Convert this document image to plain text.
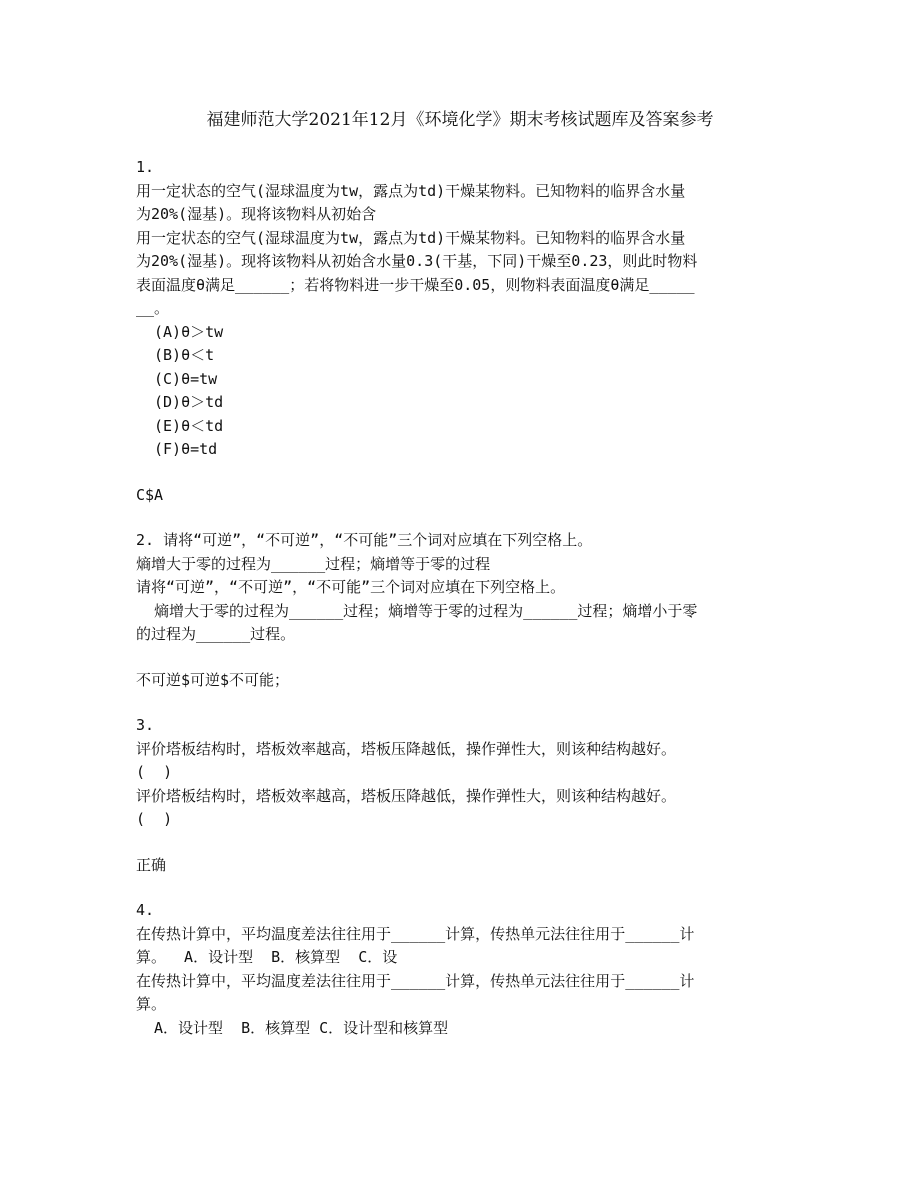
福建师范大学2021年12月《环境化学》期末考核试题库及答案参考
1.
用一定状态的空气(湿球温度为tw，露点为td)干燥某物料。已知物料的临界含水量
为20%(湿基)。现将该物料从初始含
用一定状态的空气(湿球温度为tw，露点为td)干燥某物料。已知物料的临界含水量
为20%(湿基)。现将该物料从初始含水量0.3(干基，下同)干燥至0.23，则此时物料
表面温度θ满足______；若将物料进一步干燥至0.05，则物料表面温度θ满足_____
__。
(A)θ＞tw
(B)θ＜t
(C)θ=tw
(D)θ＞td
(E)θ＜td
(F)θ=td
C$A
2. 请将“可逆”，“不可逆”，“不可能”三个词对应填在下列空格上。
熵增大于零的过程为______过程；熵增等于零的过程
请将“可逆”，“不可逆”，“不可能”三个词对应填在下列空格上。
熵增大于零的过程为______过程；熵增等于零的过程为______过程；熵增小于零
的过程为______过程。
不可逆$可逆$不可能；
3.
评价塔板结构时，塔板效率越高，塔板压降越低，操作弹性大，则该种结构越好。
(  )
评价塔板结构时，塔板效率越高，塔板压降越低，操作弹性大，则该种结构越好。
(  )
正确
4.
在传热计算中，平均温度差法往往用于______计算，传热单元法往往用于______计
算。  A．设计型  B．核算型  C．设
在传热计算中，平均温度差法往往用于______计算，传热单元法往往用于______计
算。
A．设计型  B．核算型 C．设计型和核算型
